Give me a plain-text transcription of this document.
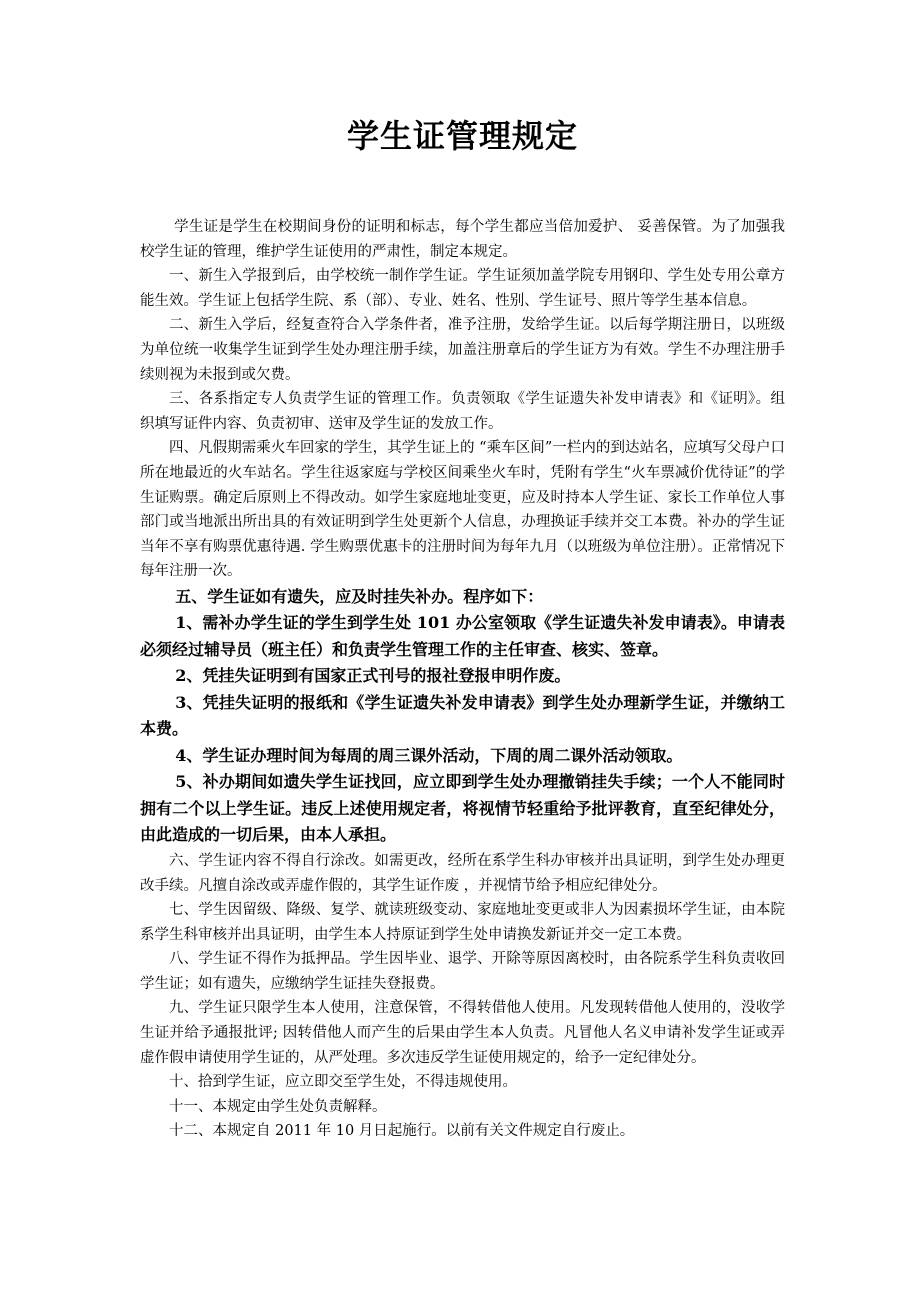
学生证管理规定

学生证是学生在校期间身份的证明和标志，每个学生都应当倍加爱护、 妥善保管。为了加强我校学生证的管理，维护学生证使用的严肃性，制定本规定。

一、新生入学报到后，由学校统一制作学生证。学生证须加盖学院专用钢印、学生处专用公章方能生效。学生证上包括学生院、系（部）、专业、姓名、性别、学生证号、照片等学生基本信息。

二、新生入学后，经复查符合入学条件者，准予注册，发给学生证。以后每学期注册日，以班级为单位统一收集学生证到学生处办理注册手续，加盖注册章后的学生证方为有效。学生不办理注册手续则视为未报到或欠费。

三、各系指定专人负责学生证的管理工作。负责领取《学生证遗失补发申请表》和《证明》。组织填写证件内容、负责初审、送审及学生证的发放工作。

四、凡假期需乘火车回家的学生，其学生证上的 “乘车区间”一栏内的到达站名，应填写父母户口所在地最近的火车站名。学生往返家庭与学校区间乘坐火车时，凭附有学生“火车票减价优待证”的学生证购票。确定后原则上不得改动。如学生家庭地址变更，应及时持本人学生证、家长工作单位人事部门或当地派出所出具的有效证明到学生处更新个人信息，办理换证手续并交工本费。补办的学生证当年不享有购票优惠待遇. 学生购票优惠卡的注册时间为每年九月（以班级为单位注册）。正常情况下每年注册一次。

五、学生证如有遗失，应及时挂失补办。程序如下：

1、需补办学生证的学生到学生处 101 办公室领取《学生证遗失补发申请表》。申请表必须经过辅导员（班主任）和负责学生管理工作的主任审查、核实、签章。

2、凭挂失证明到有国家正式刊号的报社登报申明作废。

3、凭挂失证明的报纸和《学生证遗失补发申请表》到学生处办理新学生证，并缴纳工本费。

4、学生证办理时间为每周的周三课外活动，下周的周二课外活动领取。

5、补办期间如遗失学生证找回，应立即到学生处办理撤销挂失手续；一个人不能同时拥有二个以上学生证。违反上述使用规定者，将视情节轻重给予批评教育，直至纪律处分，由此造成的一切后果，由本人承担。

六、学生证内容不得自行涂改。如需更改，经所在系学生科办审核并出具证明，到学生处办理更改手续。凡擅自涂改或弄虚作假的，其学生证作废 ，并视情节给予相应纪律处分。

七、学生因留级、降级、复学、就读班级变动、家庭地址变更或非人为因素损坏学生证，由本院系学生科审核并出具证明，由学生本人持原证到学生处申请换发新证并交一定工本费。

八、学生证不得作为抵押品。学生因毕业、退学、开除等原因离校时，由各院系学生科负责收回学生证；如有遗失，应缴纳学生证挂失登报费。

九、学生证只限学生本人使用，注意保管，不得转借他人使用。凡发现转借他人使用的，没收学生证并给予通报批评; 因转借他人而产生的后果由学生本人负责。凡冒他人名义申请补发学生证或弄虚作假申请使用学生证的，从严处理。多次违反学生证使用规定的，给予一定纪律处分。

十、拾到学生证，应立即交至学生处，不得违规使用。

十一、本规定由学生处负责解释。

十二、本规定自 2011 年 10 月日起施行。以前有关文件规定自行废止。
